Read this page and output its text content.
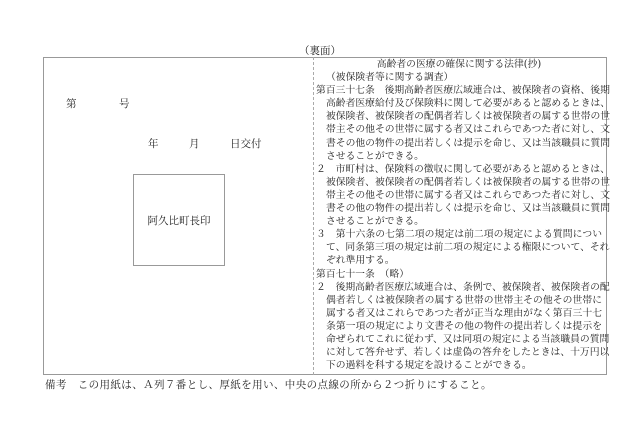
（裏面）
第	号
年	月	日交付
阿久比町長印
高齢者の医療の確保に関する法律(抄)
（被保険者等に関する調査）
第百三十七条　後期高齢者医療広域連合は、被保険者の資格、後期
高齢者医療給付及び保険料に関して必要があると認めるときは、
被保険者、被保険者の配偶者若しくは被保険者の属する世帯の世
帯主その他その世帯に属する者又はこれらであつた者に対し、文
書その他の物件の提出若しくは提示を命じ、又は当該職員に質問
させることができる。
２　市町村は、保険料の徴収に関して必要があると認めるときは、
被保険者、被保険者の配偶者若しくは被保険者の属する世帯の世
帯主その他その世帯に属する者又はこれらであつた者に対し、文
書その他の物件の提出若しくは提示を命じ、又は当該職員に質問
させることができる。
３　第十六条の七第二項の規定は前二項の規定による質問につい
て、同条第三項の規定は前二項の規定による権限について、それ
ぞれ準用する。
第百七十一条　（略）
２　後期高齢者医療広域連合は、条例で、被保険者、被保険者の配
偶者若しくは被保険者の属する世帯の世帯主その他その世帯に
属する者又はこれらであつた者が正当な理由がなく第百三十七
条第一項の規定により文書その他の物件の提出若しくは提示を
命ぜられてこれに従わず、又は同項の規定による当該職員の質問
に対して答弁せず、若しくは虚偽の答弁をしたときは、十万円以
下の過料を科する規定を設けることができる。
備考　この用紙は、Ａ列７番とし、厚紙を用い、中央の点線の所から２つ折りにすること。
